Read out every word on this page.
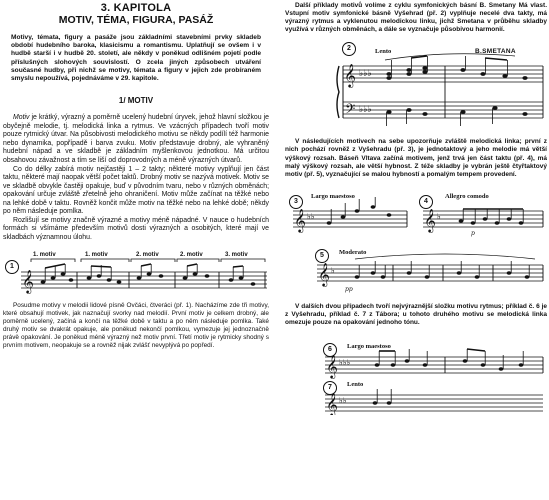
3. KAPITOLA
MOTIV, TÉMA, FIGURA, PASÁŽ

Motivy, témata, figury a pasáže jsou základními stavebními prvky skladeb období hudebního baroka, klasicismu a romantismu. Uplatňují se ovšem i v hudbě starší i v hudbě 20. století, ale někdy v poněkud odlišném pojetí podle příslušných slohových souvislostí. O zcela jiných způsobech utváření současné hudby, při nichž se motivy, témata a figury v jejich zde probíraném smyslu nepoužívá, pojednáváme v 29. kapitole.

1/ MOTIV

Motiv je krátký, výrazný a poměrně ucelený hudební úryvek, jehož hlavní složkou je obyčejně melodie, tj. melodická linka a rytmus. Ve vzácných případech tvoří motiv pouze rytmický útvar. Na působivosti melodického motivu se někdy podílí též harmonie nebo dynamika, popřípadě i barva zvuku. Motiv představuje drobný, ale vyhraněný hudební nápad a ve skladbě je základním myšlenkovou jednotkou. Má určitou obsahovou závažnost a tím se liší od doprovodných a méně výrazných útvarů.

Co do délky zabírá motiv nejčastěji 1 – 2 takty; některé motivy vyplňují jen část taktu, některé mají naopak větší počet taktů. Drobný motiv se nazývá motivek. Motiv se ve skladbě obvykle častěji opakuje, buď v původním tvaru, nebo v různých obměnách; opakování určuje zvláště zřetelně jeho ohraničení. Motiv může začínat na těžké nebo na lehké době v taktu. Rovněž končit může motiv na těžké nebo na lehké době; někdy po něm následuje pomlka.

Rozlišují se motivy značně výrazné a motivy méně nápadné. V nauce o hudebních formách si všímáme především motivů dosti výrazných a osobitých, které mají ve skladbách významnou úlohu.

1
1. motiv	1. motiv	2. motiv	2. motiv	3. motiv
𝄞

Posudme motivy v melodii lidové písně Ovčáci, čtveráci (př. 1). Nacházíme zde tři motivy, které obsahují motivek, jak naznačují svorky nad melodií. První motiv je celkem drobný, ale poměrně ucelený, začíná a končí na těžké době v taktu a po něm následuje pomlka. Také druhý motiv se dvakrát opakuje, ale poněkud nekončí pomlkou, vymezuje jej jednoznačně právě opakování. Je poněkud méně výrazný než motiv první. Třetí motiv je rytmicky shodný s prvním motivem, neopakuje se a rovněž nijak zvlášť nevyplývá po popředí.

Další příklady motivů volíme z cyklu symfonických básní B. Smetany Má vlast. Vstupní motiv symfonické básně Vyšehrad (př. 2) vyplňuje necelé dva takty, má výrazný rytmus a vyklenutou melodickou linku, jichž Smetana v průběhu skladby využívá v různých obměnách, a dále se vyznačuje působivou harmonií.

2	Lento	B.SMETANA
𝄞
𝄢
♭♭♭
♭♭♭

V následujících motivech na sebe upozorňuje zvláště melodická linka; první z nich pochází rovněž z Vyšehradu (př. 3), je jednotaktový a jeho melodie má větší výškový rozsah. Báseň Vltava začíná motivem, jenž trvá jen část taktu (př. 4), má malý výškový rozsah, ale větší hybnost. Z téže skladby je vybrán ještě čtyřtaktový motiv (př. 5), vyznačující se malou hybností a pomalým tempem provedení.

3
Largo maestoso
4
Allegro comodo
𝄞	𝄞
♭♭	♭
p
5	Moderato
𝄞 ♭
pp

V dalších dvou případech tvoří nejvýraznější složku motivu rytmus; příklad č. 6 je z Vyšehradu, příklad č. 7 z Tábora; u tohoto druhého motivu se melodická linka omezuje pouze na opakování jednoho tónu.

6	Largo maestoso
𝄞 ♭♭♭
7	Lento
𝄞 ♭♭
